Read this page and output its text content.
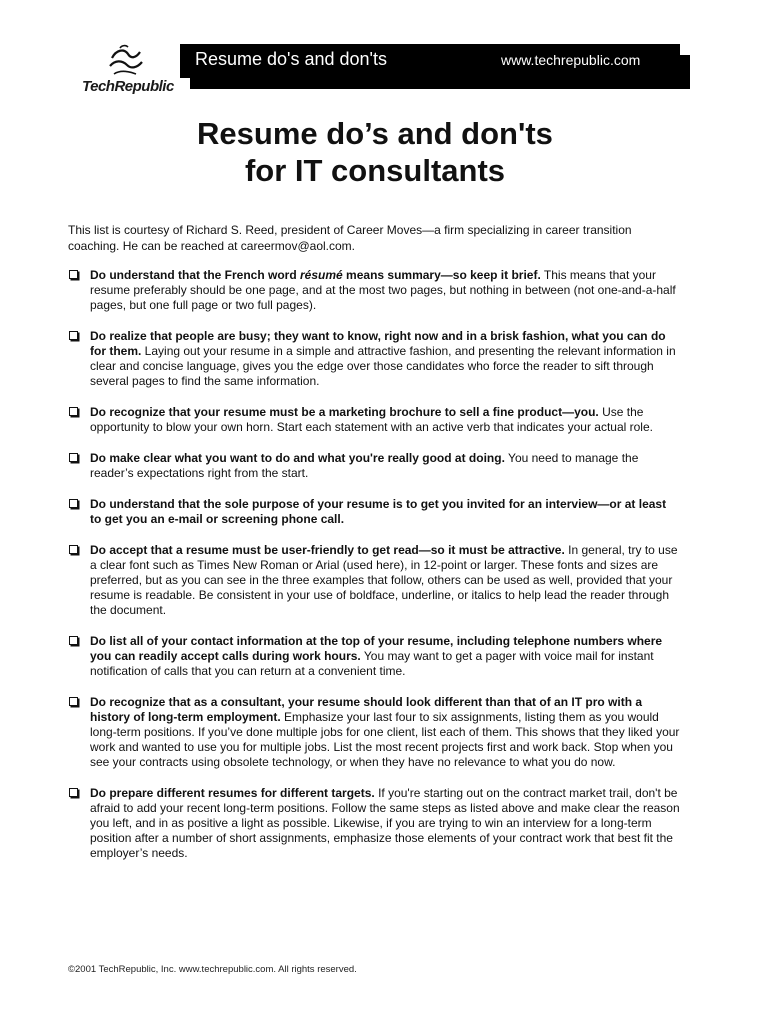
TechRepublic
Resume do's and don'ts	www.techrepublic.com
Resume do’s and don'ts
for IT consultants

This list is courtesy of Richard S. Reed, president of Career Moves—a firm specializing in career transition coaching. He can be reached at careermov@aol.com.

Do understand that the French word résumé means summary—so keep it brief. This means that your resume preferably should be one page, and at the most two pages, but nothing in between (not one-and-a-half pages, but one full page or two full pages).
Do realize that people are busy; they want to know, right now and in a brisk fashion, what you can do for them. Laying out your resume in a simple and attractive fashion, and presenting the relevant information in clear and concise language, gives you the edge over those candidates who force the reader to sift through several pages to find the same information.
Do recognize that your resume must be a marketing brochure to sell a fine product—you. Use the opportunity to blow your own horn. Start each statement with an active verb that indicates your actual role.
Do make clear what you want to do and what you're really good at doing. You need to manage the reader’s expectations right from the start.
Do understand that the sole purpose of your resume is to get you invited for an interview—or at least to get you an e-mail or screening phone call.
Do accept that a resume must be user-friendly to get read—so it must be attractive. In general, try to use a clear font such as Times New Roman or Arial (used here), in 12-point or larger. These fonts and sizes are preferred, but as you can see in the three examples that follow, others can be used as well, provided that your resume is readable. Be consistent in your use of boldface, underline, or italics to help lead the reader through the document.
Do list all of your contact information at the top of your resume, including telephone numbers where you can readily accept calls during work hours. You may want to get a pager with voice mail for instant notification of calls that you can return at a convenient time.
Do recognize that as a consultant, your resume should look different than that of an IT pro with a history of long-term employment. Emphasize your last four to six assignments, listing them as you would long-term positions. If you’ve done multiple jobs for one client, list each of them. This shows that they liked your work and wanted to use you for multiple jobs. List the most recent projects first and work back. Stop when you see your contracts using obsolete technology, or when they have no relevance to what you do now.
Do prepare different resumes for different targets. If you're starting out on the contract market trail, don't be afraid to add your recent long-term positions. Follow the same steps as listed above and make clear the reason you left, and in as positive a light as possible. Likewise, if you are trying to win an interview for a long-term position after a number of short assignments, emphasize those elements of your contract work that best fit the employer’s needs.
©2001 TechRepublic, Inc. www.techrepublic.com. All rights reserved.
